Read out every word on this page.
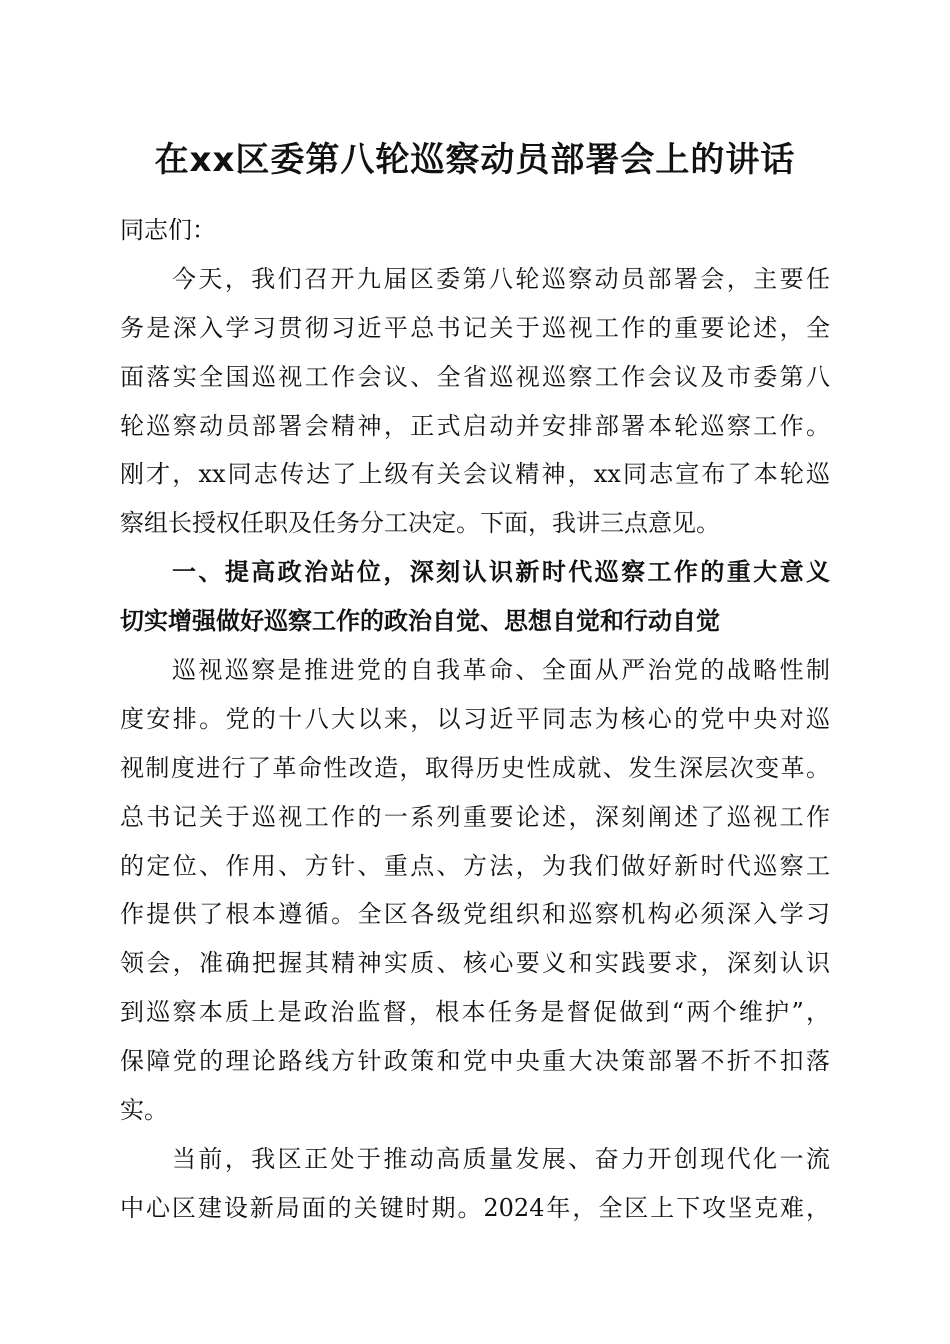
在xx区委第八轮巡察动员部署会上的讲话
同志们：
今天，我们召开九届区委第八轮巡察动员部署会，主要任
务是深入学习贯彻习近平总书记关于巡视工作的重要论述，全
面落实全国巡视工作会议、全省巡视巡察工作会议及市委第八
轮巡察动员部署会精神，正式启动并安排部署本轮巡察工作。
刚才，xx同志传达了上级有关会议精神，xx同志宣布了本轮巡
察组长授权任职及任务分工决定。下面，我讲三点意见。
一、提高政治站位，深刻认识新时代巡察工作的重大意义
切实增强做好巡察工作的政治自觉、思想自觉和行动自觉
巡视巡察是推进党的自我革命、全面从严治党的战略性制
度安排。党的十八大以来，以习近平同志为核心的党中央对巡
视制度进行了革命性改造，取得历史性成就、发生深层次变革。
总书记关于巡视工作的一系列重要论述，深刻阐述了巡视工作
的定位、作用、方针、重点、方法，为我们做好新时代巡察工
作提供了根本遵循。全区各级党组织和巡察机构必须深入学习
领会，准确把握其精神实质、核心要义和实践要求，深刻认识
到巡察本质上是政治监督，根本任务是督促做到“两个维护”，
保障党的理论路线方针政策和党中央重大决策部署不折不扣落
实。
当前，我区正处于推动高质量发展、奋力开创现代化一流
中心区建设新局面的关键时期。2024年，全区上下攻坚克难，
